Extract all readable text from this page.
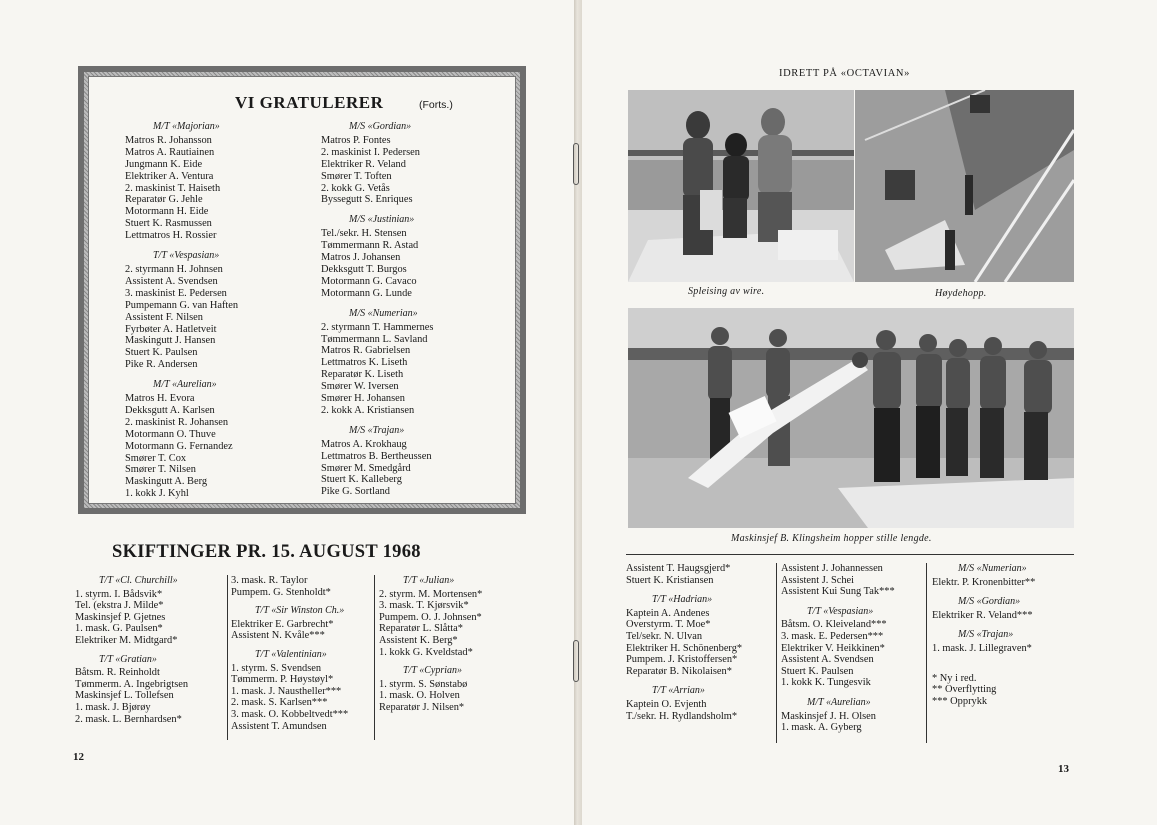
VI GRATULERER	(Forts.)
M/T «Majorian»
Matros R. Johansson
Matros A. Rautiainen
Jungmann K. Eide
Elektriker A. Ventura
2. maskinist T. Haiseth
Reparatør G. Jehle
Motormann H. Eide
Stuert K. Rasmussen
Lettmatros H. Rossier
T/T «Vespasian»
2. styrmann H. Johnsen
Assistent A. Svendsen
3. maskinist E. Pedersen
Pumpemann G. van Haften
Assistent F. Nilsen
Fyrbøter A. Hatletveit
Maskingutt J. Hansen
Stuert K. Paulsen
Pike R. Andersen
M/T «Aurelian»
Matros H. Evora
Dekksgutt A. Karlsen
2. maskinist R. Johansen
Motormann O. Thuve
Motormann G. Fernandez
Smører T. Cox
Smører T. Nilsen
Maskingutt A. Berg
1. kokk J. Kyhl
M/S «Gordian»
Matros P. Fontes
2. maskinist I. Pedersen
Elektriker R. Veland
Smører T. Toften
2. kokk G. Vetås
Byssegutt S. Enriques
M/S «Justinian»
Tel./sekr. H. Stensen
Tømmermann R. Astad
Matros J. Johansen
Dekksgutt T. Burgos
Motormann G. Cavaco
Motormann G. Lunde
M/S «Numerian»
2. styrmann T. Hammernes
Tømmermann L. Savland
Matros R. Gabrielsen
Lettmatros K. Liseth
Reparatør K. Liseth
Smører W. Iversen
Smører H. Johansen
2. kokk A. Kristiansen
M/S «Trajan»
Matros A. Krokhaug
Lettmatros B. Bertheussen
Smører M. Smedgård
Stuert K. Kalleberg
Pike G. Sortland
SKIFTINGER PR. 15. AUGUST 1968
T/T «Cl. Churchill»
1. styrm. I. Bådsvik*
Tel. (ekstra J. Milde*
Maskinsjef P. Gjetnes
1. mask. G. Paulsen*
Elektriker M. Midtgard*
T/T «Gratian»
Båtsm. R. Reinholdt
Tømmerm. A. Ingebrigtsen
Maskinsjef L. Tollefsen
1. mask. J. Bjørøy
2. mask. L. Bernhardsen*
3. mask. R. Taylor
Pumpem. G. Stenholdt*
T/T «Sir Winston Ch.»
Elektriker E. Garbrecht*
Assistent N. Kvåle***
T/T «Valentinian»
1. styrm. S. Svendsen
Tømmerm. P. Høystøyl*
1. mask. J. Naustheller***
2. mask. S. Karlsen***
3. mask. O. Kobbeltvedt***
Assistent T. Amundsen
T/T «Julian»
2. styrm. M. Mortensen*
3. mask. T. Kjørsvik*
Pumpem. O. J. Johnsen*
Reparatør L. Slåtta*
Assistent K. Berg*
1. kokk G. Kveldstad*
T/T «Cyprian»
1. styrm. S. Sønstabø
1. mask. O. Holven
Reparatør J. Nilsen*
12
IDRETT PÅ «OCTAVIAN»
Spleising av wire.	Høydehopp.
Maskinsjef B. Klingsheim hopper stille lengde.
Assistent T. Haugsgjerd*
Stuert K. Kristiansen
T/T «Hadrian»
Kaptein A. Andenes
Overstyrm. T. Moe*
Tel/sekr. N. Ulvan
Elektriker H. Schönenberg*
Pumpem. J. Kristoffersen*
Reparatør B. Nikolaisen*
T/T «Arrian»
Kaptein O. Evjenth
T./sekr. H. Rydlandsholm*
Assistent J. Johannessen
Assistent J. Schei
Assistent Kui Sung Tak***
T/T «Vespasian»
Båtsm. O. Kleiveland***
3. mask. E. Pedersen***
Elektriker V. Heikkinen*
Assistent A. Svendsen
Stuert K. Paulsen
1. kokk K. Tungesvik
M/T «Aurelian»
Maskinsjef J. H. Olsen
1. mask. A. Gyberg
M/S «Numerian»
Elektr. P. Kronenbitter**
M/S «Gordian»
Elektriker R. Veland***
M/S «Trajan»
1. mask. J. Lillegraven*
* Ny i red.
** Overflytting
*** Opprykk
13
